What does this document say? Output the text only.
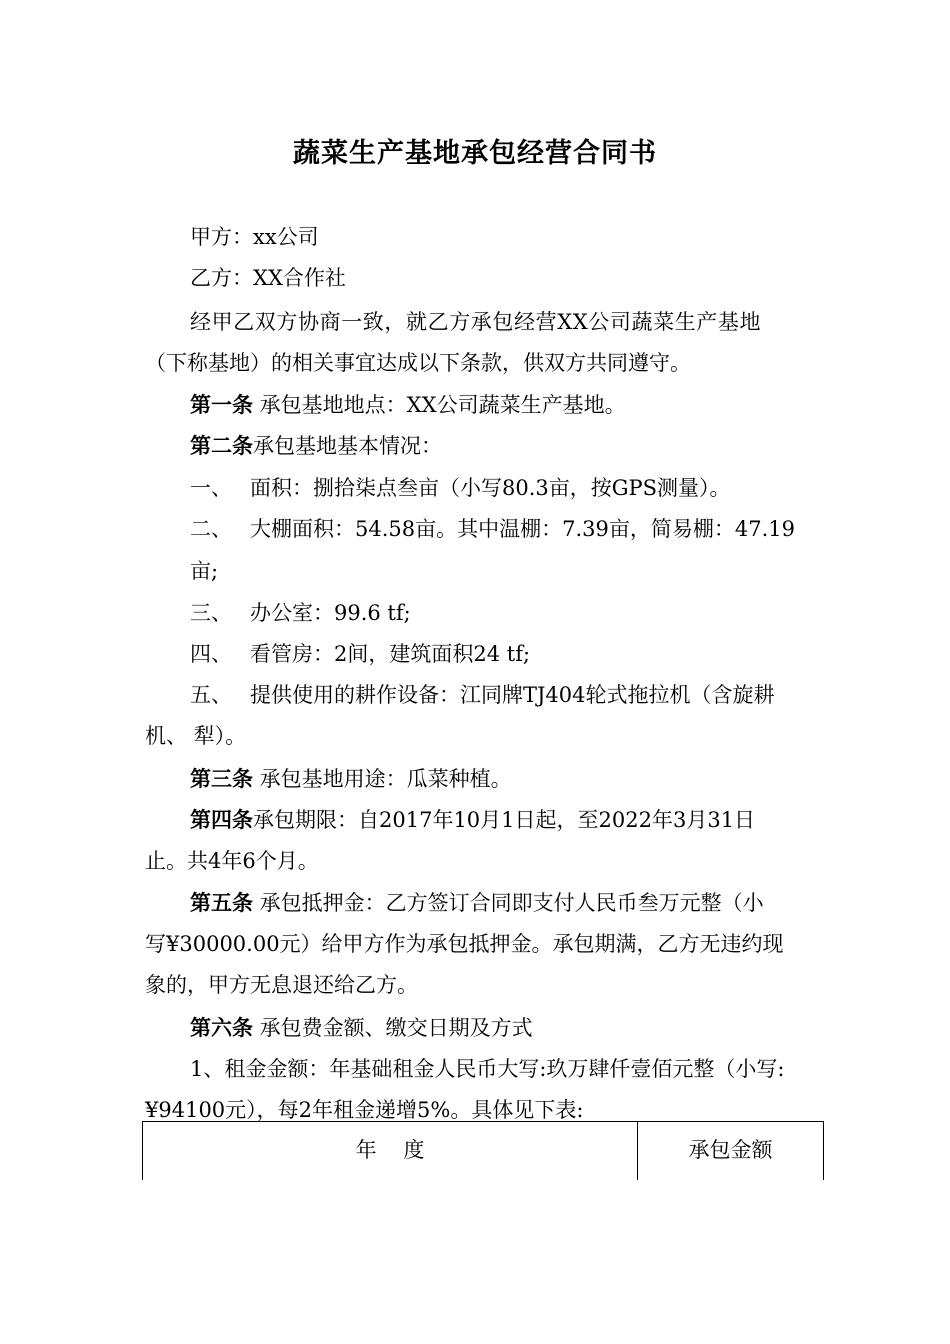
蔬菜生产基地承包经营合同书
甲方：xx公司
乙方：XX合作社
经甲乙双方协商一致，就乙方承包经营XX公司蔬菜生产基地
（下称基地）的相关事宜达成以下条款，供双方共同遵守。
第一条 承包基地地点：XX公司蔬菜生产基地。
第二条承包基地基本情况：
一、 面积：捌拾柒点叁亩（小写80.3亩，按GPS测量）。
二、 大棚面积：54.58亩。其中温棚：7.39亩，简易棚：47.19
亩;
三、 办公室：99.6 tf;
四、 看管房：2间，建筑面积24 tf;
五、 提供使用的耕作设备：江同牌TJ404轮式拖拉机（含旋耕
机、 犁）。
第三条 承包基地用途：瓜菜种植。
第四条承包期限：自2017年10月1日起，至2022年3月31日
止。共4年6个月。
第五条 承包抵押金：乙方签订合同即支付人民币叁万元整（小
写¥30000.00元）给甲方作为承包抵押金。承包期满，乙方无违约现
象的，甲方无息退还给乙方。
第六条 承包费金额、缴交日期及方式
1、租金金额：年基础租金人民币大写:玖万肆仟壹佰元整（小写:
¥94100元），每2年租金递增5%。具体见下表:
年    度	承包金额
